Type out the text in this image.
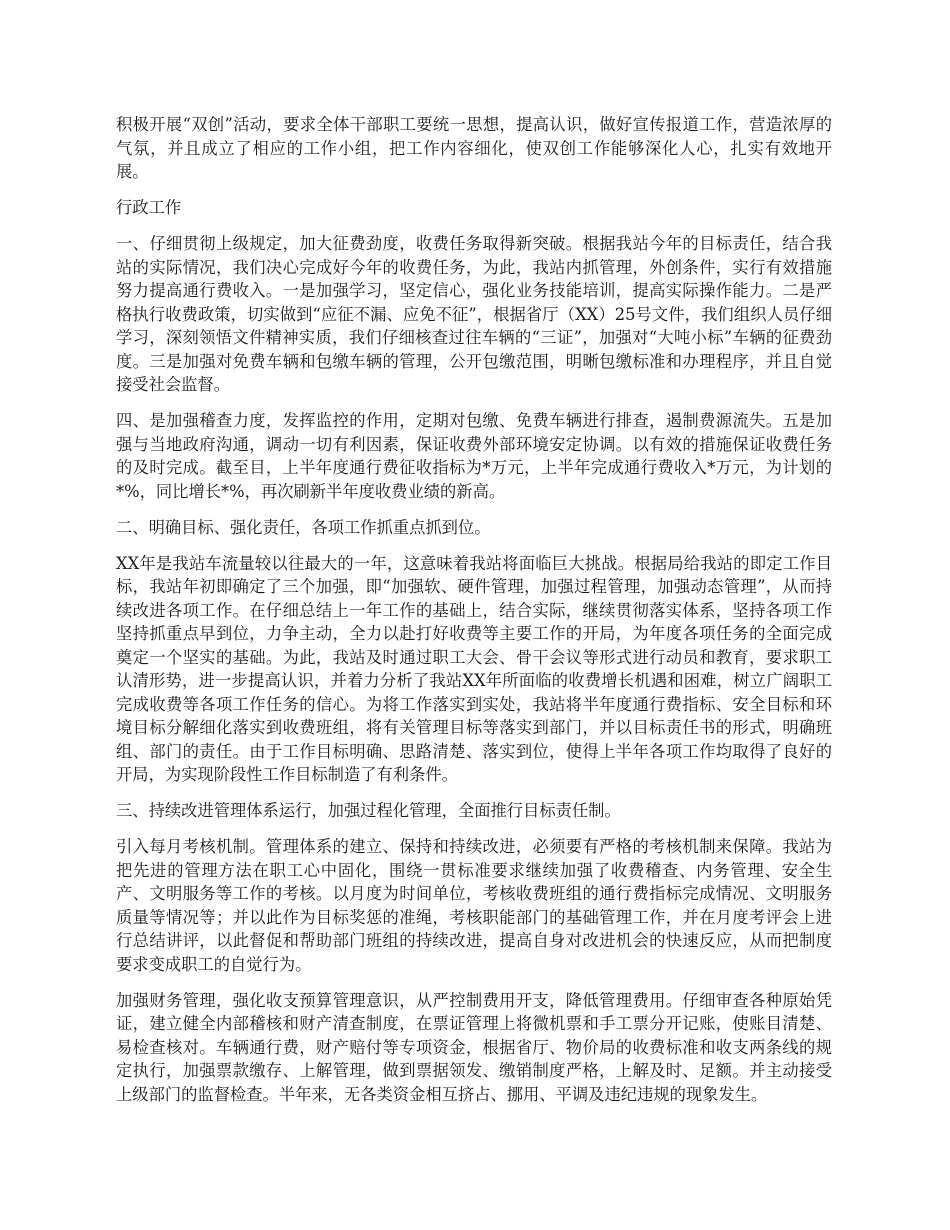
积极开展“双创”活动，要求全体干部职工要统一思想，提高认识，做好宣传报道工作，营造浓厚的气氛，并且成立了相应的工作小组，把工作内容细化，使双创工作能够深化人心，扎实有效地开展。

行政工作

一、仔细贯彻上级规定，加大征费劲度，收费任务取得新突破。根据我站今年的目标责任，结合我站的实际情况，我们决心完成好今年的收费任务，为此，我站内抓管理，外创条件，实行有效措施努力提高通行费收入。一是加强学习，坚定信心，强化业务技能培训，提高实际操作能力。二是严格执行收费政策，切实做到“应征不漏、应免不征”，根据省厅（XX）25号文件，我们组织人员仔细学习，深刻领悟文件精神实质，我们仔细核查过往车辆的“三证”，加强对“大吨小标”车辆的征费劲度。三是加强对免费车辆和包缴车辆的管理，公开包缴范围，明晰包缴标准和办理程序，并且自觉接受社会监督。

四、是加强稽查力度，发挥监控的作用，定期对包缴、免费车辆进行排查，遏制费源流失。五是加强与当地政府沟通，调动一切有利因素，保证收费外部环境安定协调。以有效的措施保证收费任务的及时完成。截至目，上半年度通行费征收指标为*万元，上半年完成通行费收入*万元，为计划的*%，同比增长*%，再次刷新半年度收费业绩的新高。

二、明确目标、强化责任，各项工作抓重点抓到位。

XX年是我站车流量较以往最大的一年，这意味着我站将面临巨大挑战。根据局给我站的即定工作目标，我站年初即确定了三个加强，即“加强软、硬件管理，加强过程管理，加强动态管理”，从而持续改进各项工作。在仔细总结上一年工作的基础上，结合实际，继续贯彻落实体系，坚持各项工作坚持抓重点早到位，力争主动，全力以赴打好收费等主要工作的开局，为年度各项任务的全面完成奠定一个坚实的基础。为此，我站及时通过职工大会、骨干会议等形式进行动员和教育，要求职工认清形势，进一步提高认识，并着力分析了我站XX年所面临的收费增长机遇和困难，树立广阔职工完成收费等各项工作任务的信心。为将工作落实到实处，我站将半年度通行费指标、安全目标和环境目标分解细化落实到收费班组，将有关管理目标等落实到部门，并以目标责任书的形式，明确班组、部门的责任。由于工作目标明确、思路清楚、落实到位，使得上半年各项工作均取得了良好的开局，为实现阶段性工作目标制造了有利条件。

三、持续改进管理体系运行，加强过程化管理，全面推行目标责任制。

引入每月考核机制。管理体系的建立、保持和持续改进，必须要有严格的考核机制来保障。我站为把先进的管理方法在职工心中固化，围绕一贯标准要求继续加强了收费稽查、内务管理、安全生产、文明服务等工作的考核。以月度为时间单位，考核收费班组的通行费指标完成情况、文明服务质量等情况等；并以此作为目标奖惩的准绳，考核职能部门的基础管理工作，并在月度考评会上进行总结讲评，以此督促和帮助部门班组的持续改进，提高自身对改进机会的快速反应，从而把制度要求变成职工的自觉行为。

加强财务管理，强化收支预算管理意识，从严控制费用开支，降低管理费用。仔细审查各种原始凭证，建立健全内部稽核和财产清查制度，在票证管理上将微机票和手工票分开记账，使账目清楚、易检查核对。车辆通行费，财产赔付等专项资金，根据省厅、物价局的收费标准和收支两条线的规定执行，加强票款缴存、上解管理，做到票据领发、缴销制度严格，上解及时、足额。并主动接受上级部门的监督检查。半年来，无各类资金相互挤占、挪用、平调及违纪违规的现象发生。
